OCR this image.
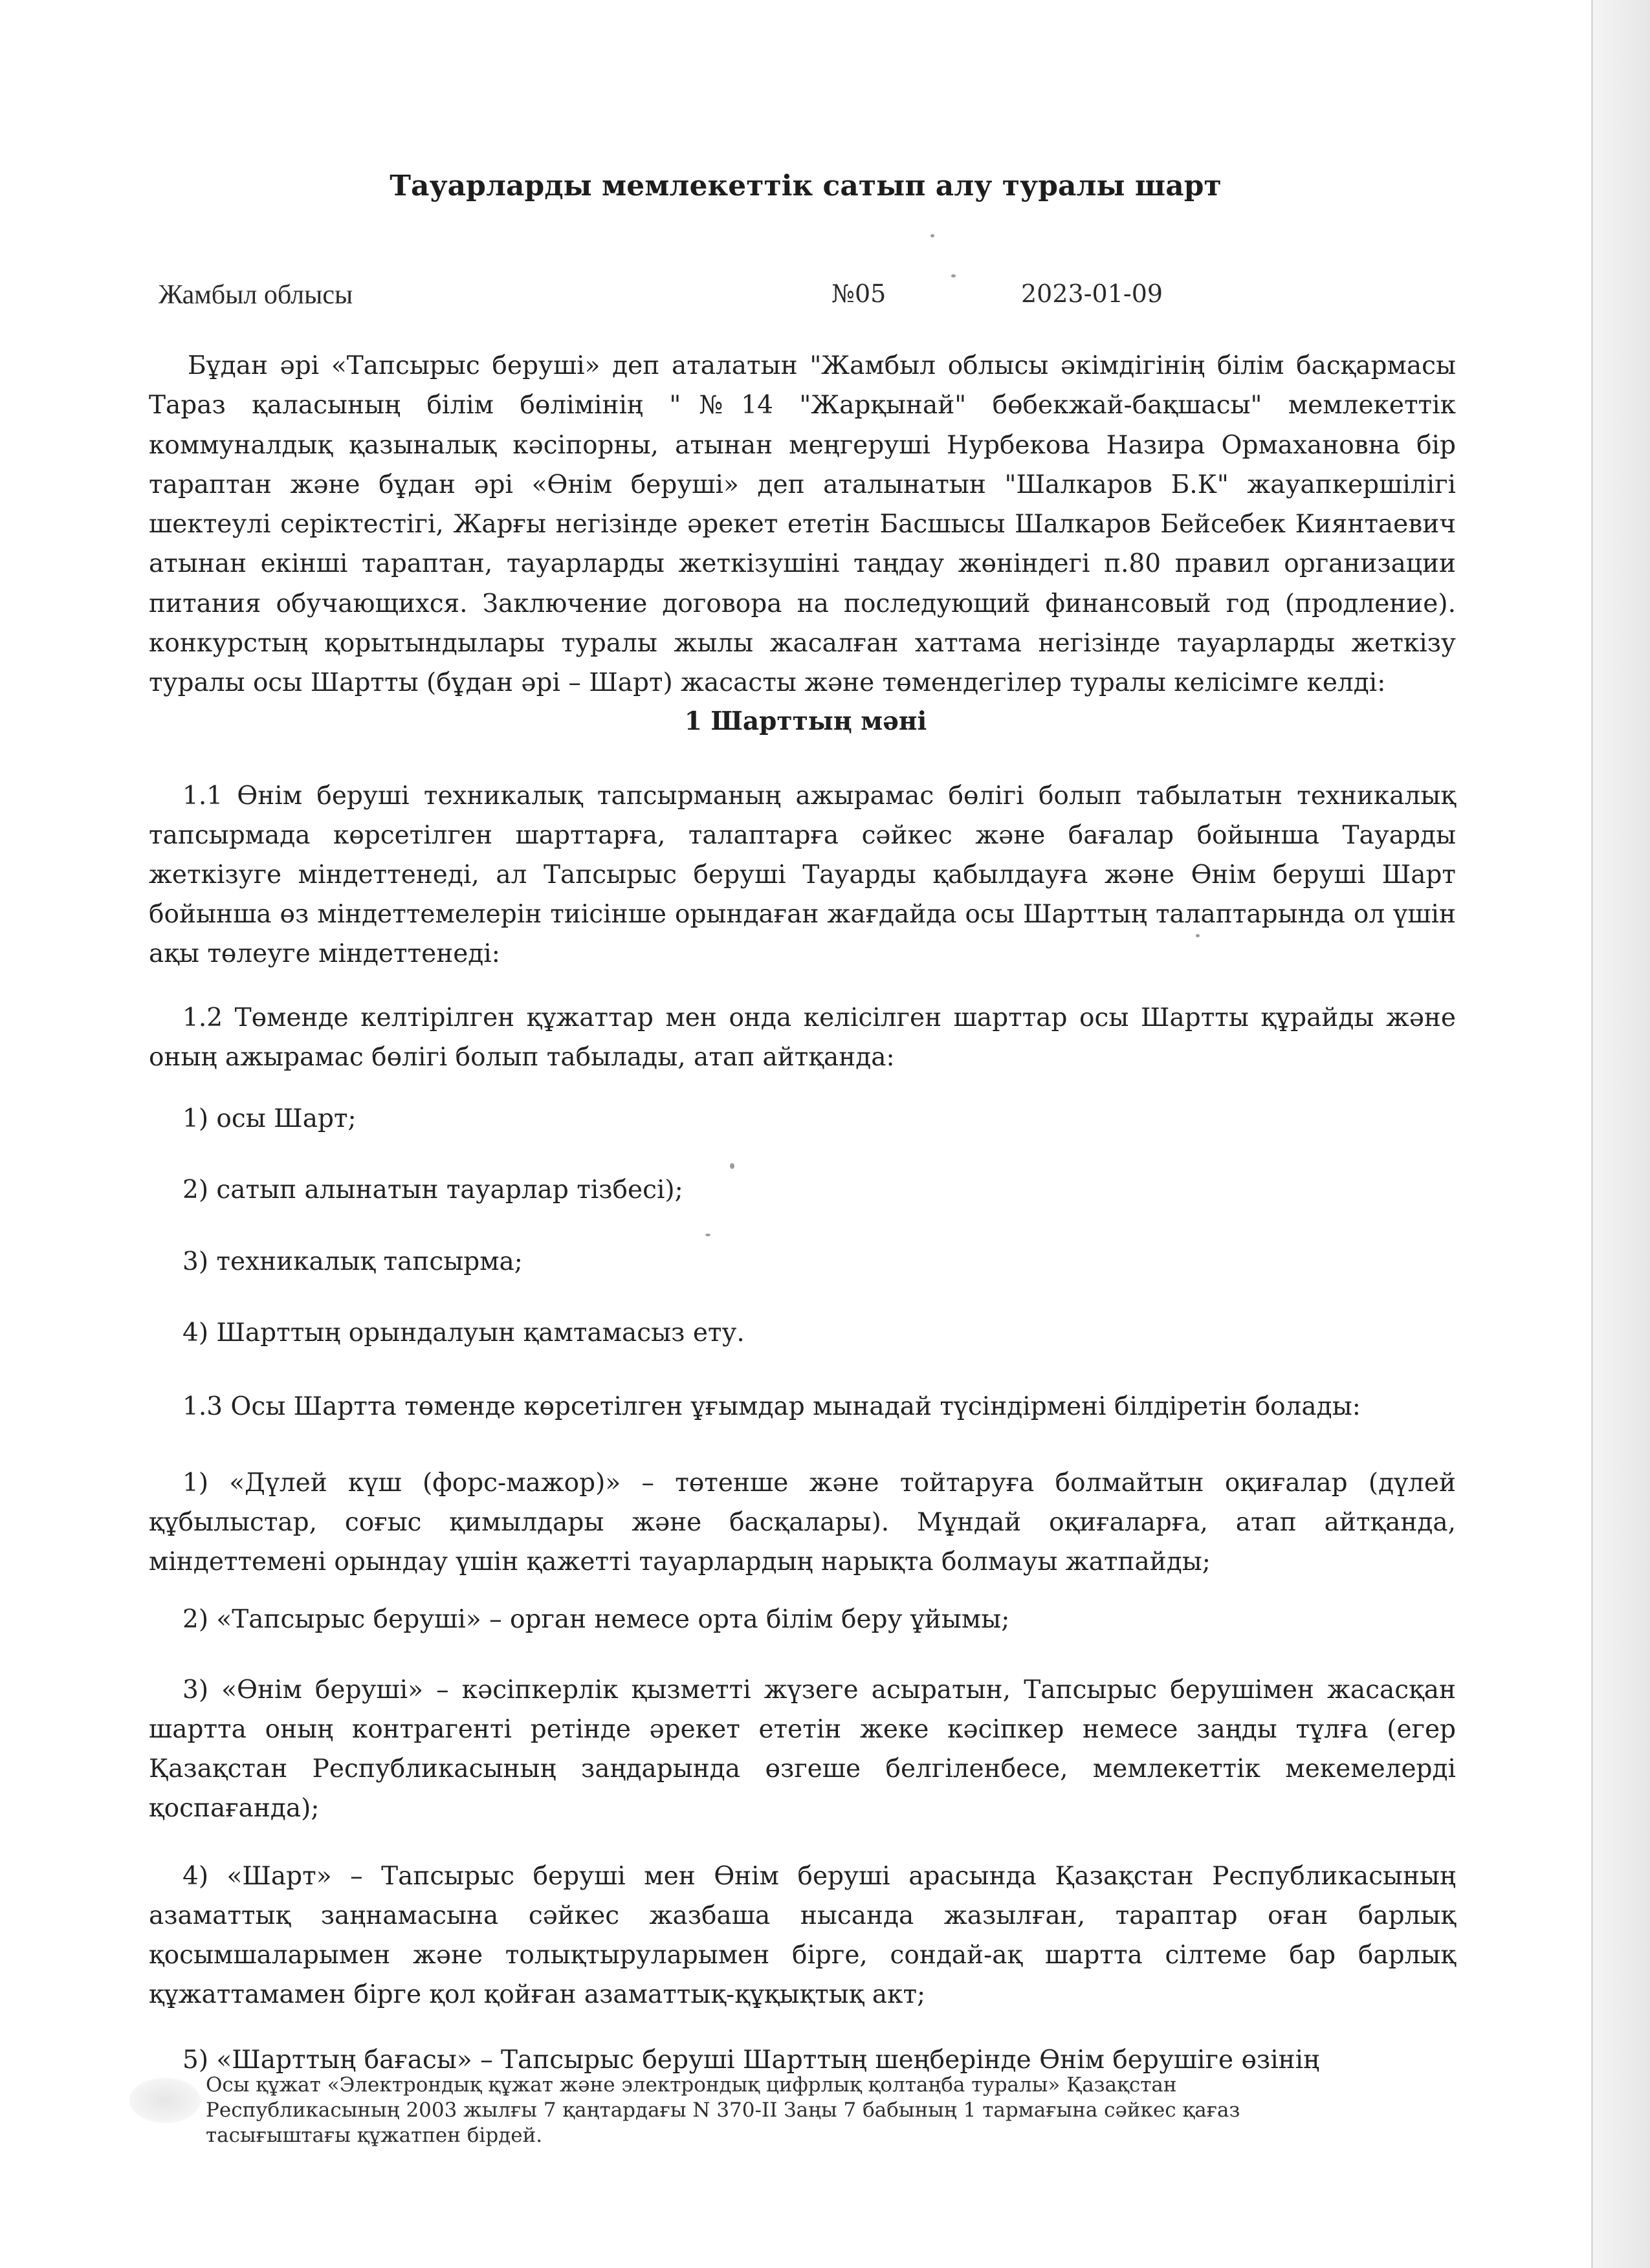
Тауарларды мемлекеттік сатып алу туралы шарт
Жамбыл облысы	№05	2023-01-09
Бұдан әрі «Тапсырыс беруші» деп аталатын "Жамбыл облысы әкімдігінің білім басқармасы Тараз қаласының білім бөлімінің "№14 "Жарқынай" бөбекжай-бақшасы" мемлекеттік коммуналдық қазыналық кәсіпорны, атынан меңгеруші Нурбекова Назира Ормахановна бір тараптан және бұдан әрі «Өнім беруші» деп аталынатын "Шалкаров Б.К" жауапкершілігі шектеулі серіктестігі, Жарғы негізінде әрекет ететін Басшысы Шалкаров Бейсебек Киянтаевич атынан екінші тараптан, тауарларды жеткізушіні таңдау жөніндегі п.80 правил организации питания обучающихся. Заключение договора на последующий финансовый год (продление). конкурстың қорытындылары туралы жылы жасалған хаттама негізінде тауарларды жеткізу туралы осы Шартты (бұдан әрі – Шарт) жасасты және төмендегілер туралы келісімге келді:
1 Шарттың мәні
1.1 Өнім беруші техникалық тапсырманың ажырамас бөлігі болып табылатын техникалық тапсырмада көрсетілген шарттарға, талаптарға сәйкес және бағалар бойынша Тауарды жеткізуге міндеттенеді, ал Тапсырыс беруші Тауарды қабылдауға және Өнім беруші Шарт бойынша өз міндеттемелерін тиісінше орындаған жағдайда осы Шарттың талаптарында ол үшін ақы төлеуге міндеттенеді:
1.2 Төменде келтірілген құжаттар мен онда келісілген шарттар осы Шартты құрайды және оның ажырамас бөлігі болып табылады, атап айтқанда:
1) осы Шарт;
2) сатып алынатын тауарлар тізбесі);
3) техникалық тапсырма;
4) Шарттың орындалуын қамтамасыз ету.
1.3 Осы Шартта төменде көрсетілген ұғымдар мынадай түсіндірмені білдіретін болады:
1) «Дүлей күш (форс-мажор)» – төтенше және тойтаруға болмайтын оқиғалар (дүлей құбылыстар, соғыс қимылдары және басқалары). Мұндай оқиғаларға, атап айтқанда, міндеттемені орындау үшін қажетті тауарлардың нарықта болмауы жатпайды;
2) «Тапсырыс беруші» – орган немесе орта білім беру ұйымы;
3) «Өнім беруші» – кәсіпкерлік қызметті жүзеге асыратын, Тапсырыс берушімен жасасқан шартта оның контрагенті ретінде әрекет ететін жеке кәсіпкер немесе заңды тұлға (егер Қазақстан Республикасының заңдарында өзгеше белгіленбесе, мемлекеттік мекемелерді қоспағанда);
4) «Шарт» – Тапсырыс беруші мен Өнім беруші арасында Қазақстан Республикасының азаматтық заңнамасына сәйкес жазбаша нысанда жазылған, тараптар оған барлық қосымшаларымен және толықтыруларымен бірге, сондай-ақ шартта сілтеме бар барлық құжаттамамен бірге қол қойған азаматтық-құқықтық акт;
5) «Шарттың бағасы» – Тапсырыс беруші Шарттың шеңберінде Өнім берушіге өзінің
Осы құжат «Электрондық құжат және электрондық цифрлық қолтаңба туралы» Қазақстан Республикасының 2003 жылғы 7 қаңтардағы N 370-II Заңы 7 бабының 1 тармағына сәйкес қағаз тасығыштағы құжатпен бірдей.
